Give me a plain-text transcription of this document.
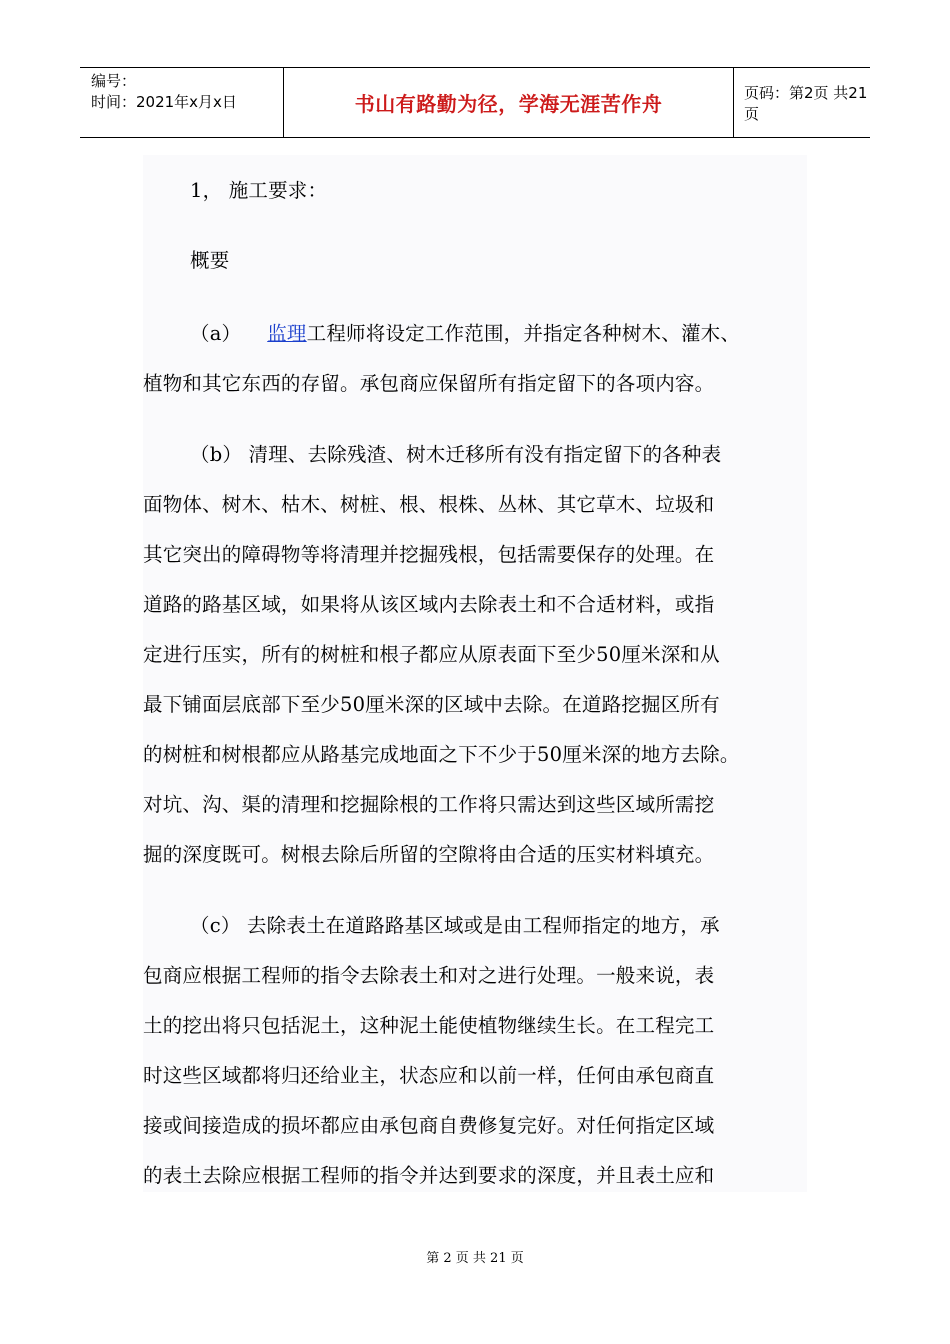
编号：
时间：2021年x月x日	书山有路勤为径，学海无涯苦作舟	页码：第2页 共21页
1， 施工要求：
概要
（a） 监理工程师将设定工作范围，并指定各种树木、灌木、
植物和其它东西的存留。承包商应保留所有指定留下的各项内容。
（b） 清理、去除残渣、树木迁移所有没有指定留下的各种表
面物体、树木、枯木、树桩、根、根株、丛林、其它草木、垃圾和
其它突出的障碍物等将清理并挖掘残根，包括需要保存的处理。在
道路的路基区域，如果将从该区域内去除表土和不合适材料，或指
定进行压实，所有的树桩和根子都应从原表面下至少50厘米深和从
最下铺面层底部下至少50厘米深的区域中去除。在道路挖掘区所有
的树桩和树根都应从路基完成地面之下不少于50厘米深的地方去除。
对坑、沟、渠的清理和挖掘除根的工作将只需达到这些区域所需挖
掘的深度既可。树根去除后所留的空隙将由合适的压实材料填充。
（c） 去除表土在道路路基区域或是由工程师指定的地方，承
包商应根据工程师的指令去除表土和对之进行处理。一般来说，表
土的挖出将只包括泥土，这种泥土能使植物继续生长。在工程完工
时这些区域都将归还给业主，状态应和以前一样，任何由承包商直
接或间接造成的损坏都应由承包商自费修复完好。对任何指定区域
的表土去除应根据工程师的指令并达到要求的深度，并且表土应和
第 2 页 共 21 页
